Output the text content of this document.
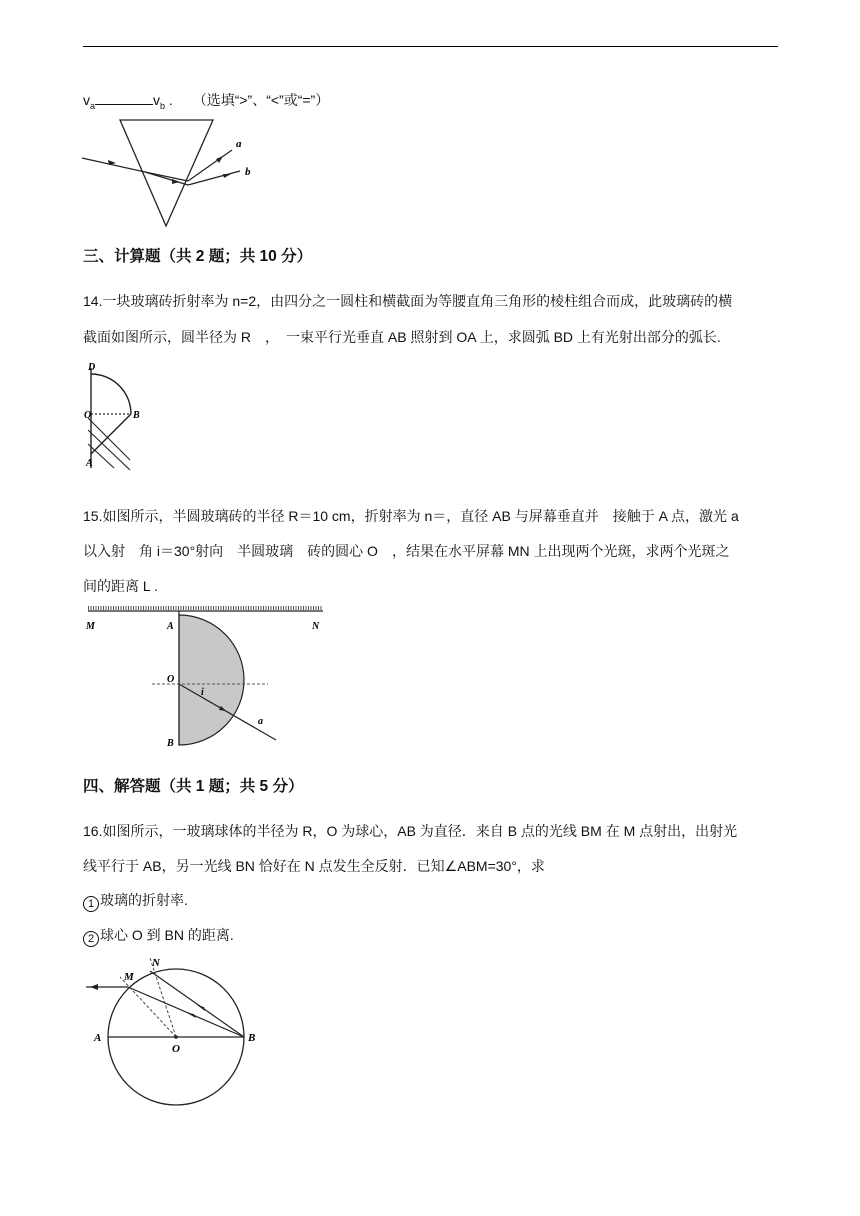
$v_a$	$v_b$ . （选填“>”、“<”或“=”）
a
b
三、计算题（共 2 题；共 10 分）
14.一块玻璃砖折射率为 n=2，由四分之一圆柱和横截面为等腰直角三角形的棱柱组合而成，此玻璃砖的横
截面如图所示，圆半径为 R　，　一束平行光垂直 AB 照射到 OA 上，求圆弧 BD 上有光射出部分的弧长.
D
O	B
A
15.如图所示，半圆玻璃砖的半径 R＝10 cm，折射率为 n＝，直径 AB 与屏幕垂直并　接触于 A 点，激光 a
以入射　角 i＝30°射向　半圆玻璃　砖的圆心 O　，结果在水平屏幕 MN 上出现两个光斑，求两个光斑之
间的距离 L .
M	N
A
O
i
a
B
四、解答题（共 1 题；共 5 分）
16.如图所示，一玻璃球体的半径为 R，O 为球心，AB 为直径．来自 B 点的光线 BM 在 M 点射出，出射光
线平行于 AB，另一光线 BN 恰好在 N 点发生全反射．已知∠ABM=30°，求
1 玻璃的折射率.
2 球心 O 到 BN 的距离.
M
N
A
O
B
